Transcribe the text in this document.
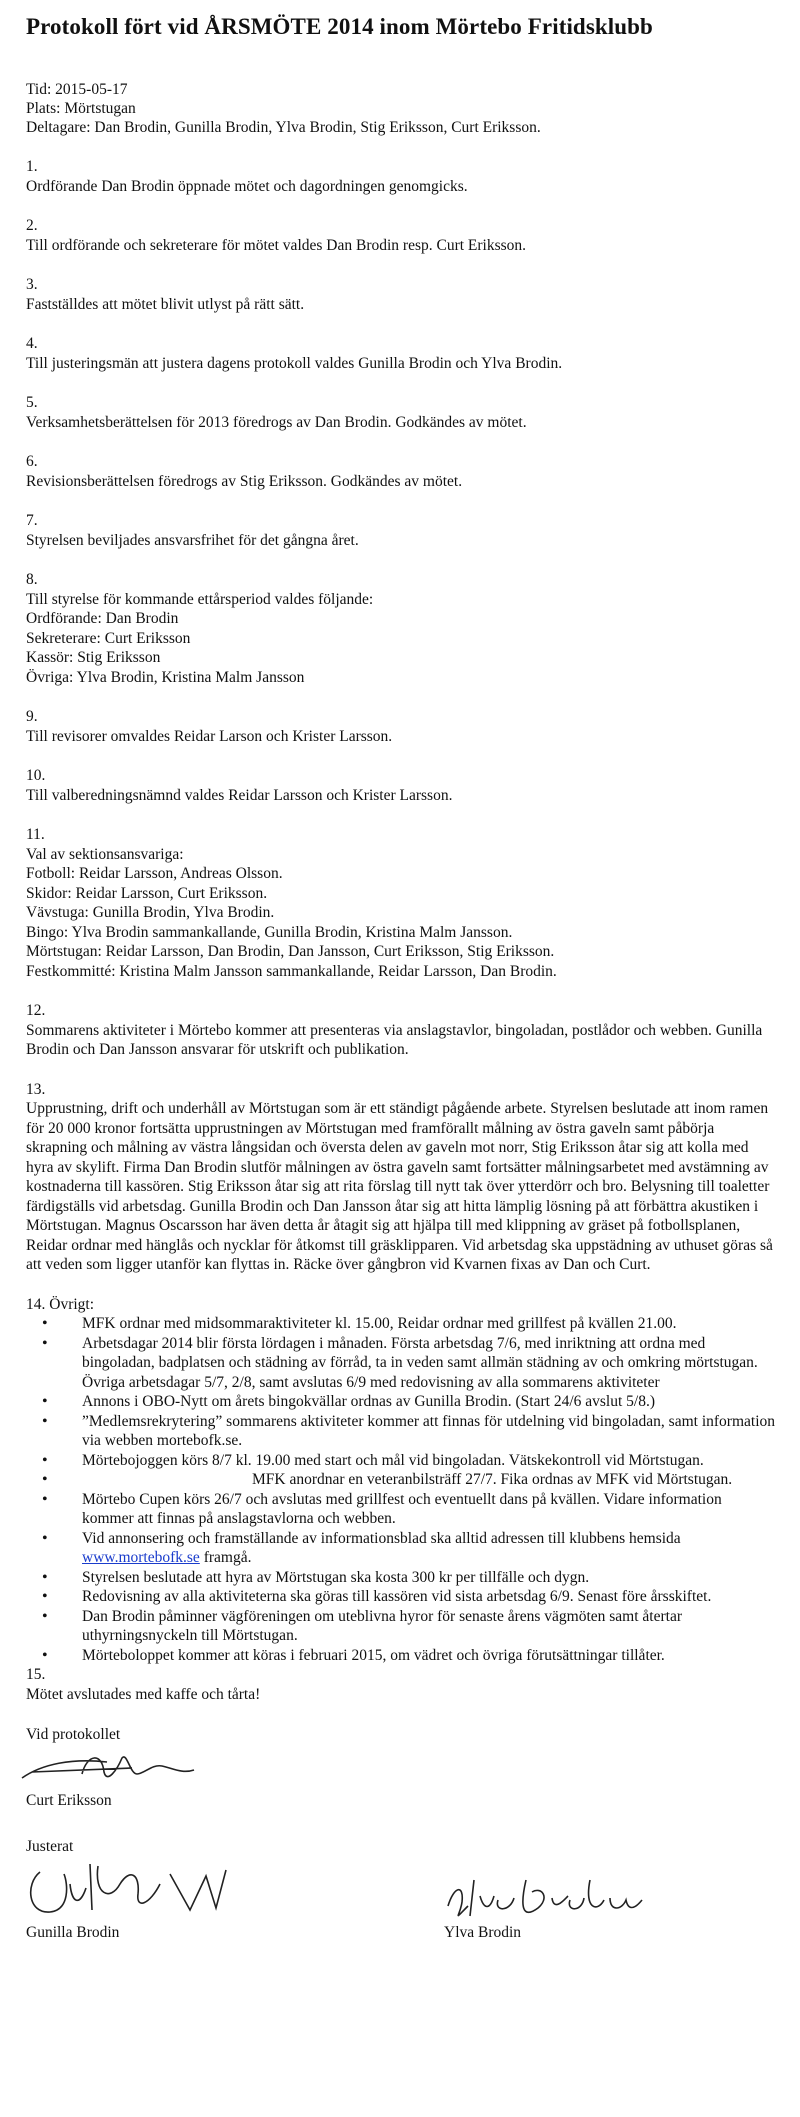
Protokoll fört vid ÅRSMÖTE 2014 inom Mörtebo Fritidsklubb
Tid: 2015-05-17
Plats: Mörtstugan
Deltagare: Dan Brodin, Gunilla Brodin, Ylva Brodin, Stig Eriksson, Curt Eriksson.
1.
Ordförande Dan Brodin öppnade mötet och dagordningen genomgicks.
2.
Till ordförande och sekreterare för mötet valdes Dan Brodin resp. Curt Eriksson.
3.
Fastställdes att mötet blivit utlyst på rätt sätt.
4.
Till justeringsmän att justera dagens protokoll valdes Gunilla Brodin och Ylva Brodin.
5.
Verksamhetsberättelsen för 2013 föredrogs av Dan Brodin. Godkändes av mötet.
6.
Revisionsberättelsen föredrogs av Stig Eriksson. Godkändes av mötet.
7.
Styrelsen beviljades ansvarsfrihet för det gångna året.
8.
Till styrelse för kommande ettårsperiod valdes följande:
Ordförande: Dan Brodin
Sekreterare: Curt Eriksson
Kassör: Stig Eriksson
Övriga: Ylva Brodin, Kristina Malm Jansson
9.
Till revisorer omvaldes Reidar Larson och Krister Larsson.
10.
Till valberedningsnämnd valdes Reidar Larsson och Krister Larsson.
11.
Val av sektionsansvariga:
Fotboll: Reidar Larsson, Andreas Olsson.
Skidor: Reidar Larsson, Curt Eriksson.
Vävstuga: Gunilla Brodin, Ylva Brodin.
Bingo: Ylva Brodin sammankallande, Gunilla Brodin, Kristina Malm Jansson.
Mörtstugan: Reidar Larsson, Dan Brodin, Dan Jansson, Curt Eriksson, Stig Eriksson.
Festkommitté: Kristina Malm Jansson sammankallande, Reidar Larsson, Dan Brodin.
12.
Sommarens aktiviteter i Mörtebo kommer att presenteras via anslagstavlor, bingoladan, postlådor och webben. Gunilla Brodin och Dan Jansson ansvarar för utskrift och publikation.
13.
Upprustning, drift och underhåll av Mörtstugan som är ett ständigt pågående arbete. Styrelsen beslutade att inom ramen för 20 000 kronor fortsätta upprustningen av Mörtstugan med framförallt målning av östra gaveln samt påbörja skrapning och målning av västra långsidan och översta delen av gaveln mot norr, Stig Eriksson åtar sig att kolla med hyra av skylift. Firma Dan Brodin slutför målningen av östra gaveln samt fortsätter målningsarbetet med avstämning av kostnaderna till kassören. Stig Eriksson åtar sig att rita förslag till nytt tak över ytterdörr och bro. Belysning till toaletter färdigställs vid arbetsdag. Gunilla Brodin och Dan Jansson åtar sig att hitta lämplig lösning på att förbättra akustiken i Mörtstugan. Magnus Oscarsson har även detta år åtagit sig att hjälpa till med klippning av gräset på fotbollsplanen, Reidar ordnar med hänglås och nycklar för åtkomst till gräsklipparen. Vid arbetsdag ska uppstädning av uthuset göras så att veden som ligger utanför kan flyttas in. Räcke över gångbron vid Kvarnen fixas av Dan och Curt.
14. Övrigt:
• MFK ordnar med midsommaraktiviteter kl. 15.00, Reidar ordnar med grillfest på kvällen 21.00.
• Arbetsdagar 2014 blir första lördagen i månaden. Första arbetsdag 7/6, med inriktning att ordna med bingoladan, badplatsen och städning av förråd, ta in veden samt allmän städning av och omkring mörtstugan. Övriga arbetsdagar 5/7, 2/8, samt avslutas 6/9 med redovisning av alla sommarens aktiviteter
• Annons i OBO-Nytt om årets bingokvällar ordnas av Gunilla Brodin. (Start 24/6 avslut 5/8.)
• ”Medlemsrekrytering” sommarens aktiviteter kommer att finnas för utdelning vid bingoladan, samt information via webben mortebofk.se.
• Mörtebojoggen körs 8/7 kl. 19.00 med start och mål vid bingoladan. Vätskekontroll vid Mörtstugan.
• MFK anordnar en veteranbilsträff 27/7. Fika ordnas av MFK vid Mörtstugan.
• Mörtebo Cupen körs 26/7 och avslutas med grillfest och eventuellt dans på kvällen. Vidare information kommer att finnas på anslagstavlorna och webben.
• Vid annonsering och framställande av informationsblad ska alltid adressen till klubbens hemsida
www.mortebofk.se framgå.
• Styrelsen beslutade att hyra av Mörtstugan ska kosta 300 kr per tillfälle och dygn.
• Redovisning av alla aktiviteterna ska göras till kassören vid sista arbetsdag 6/9. Senast före årsskiftet.
• Dan Brodin påminner vägföreningen om uteblivna hyror för senaste årens vägmöten samt återtar uthyrningsnyckeln till Mörtstugan.
• Mörteboloppet kommer att köras i februari 2015, om vädret och övriga förutsättningar tillåter.
15.
Mötet avslutades med kaffe och tårta!
Vid protokollet
Curt Eriksson
Justerat
Gunilla Brodin	Ylva Brodin
